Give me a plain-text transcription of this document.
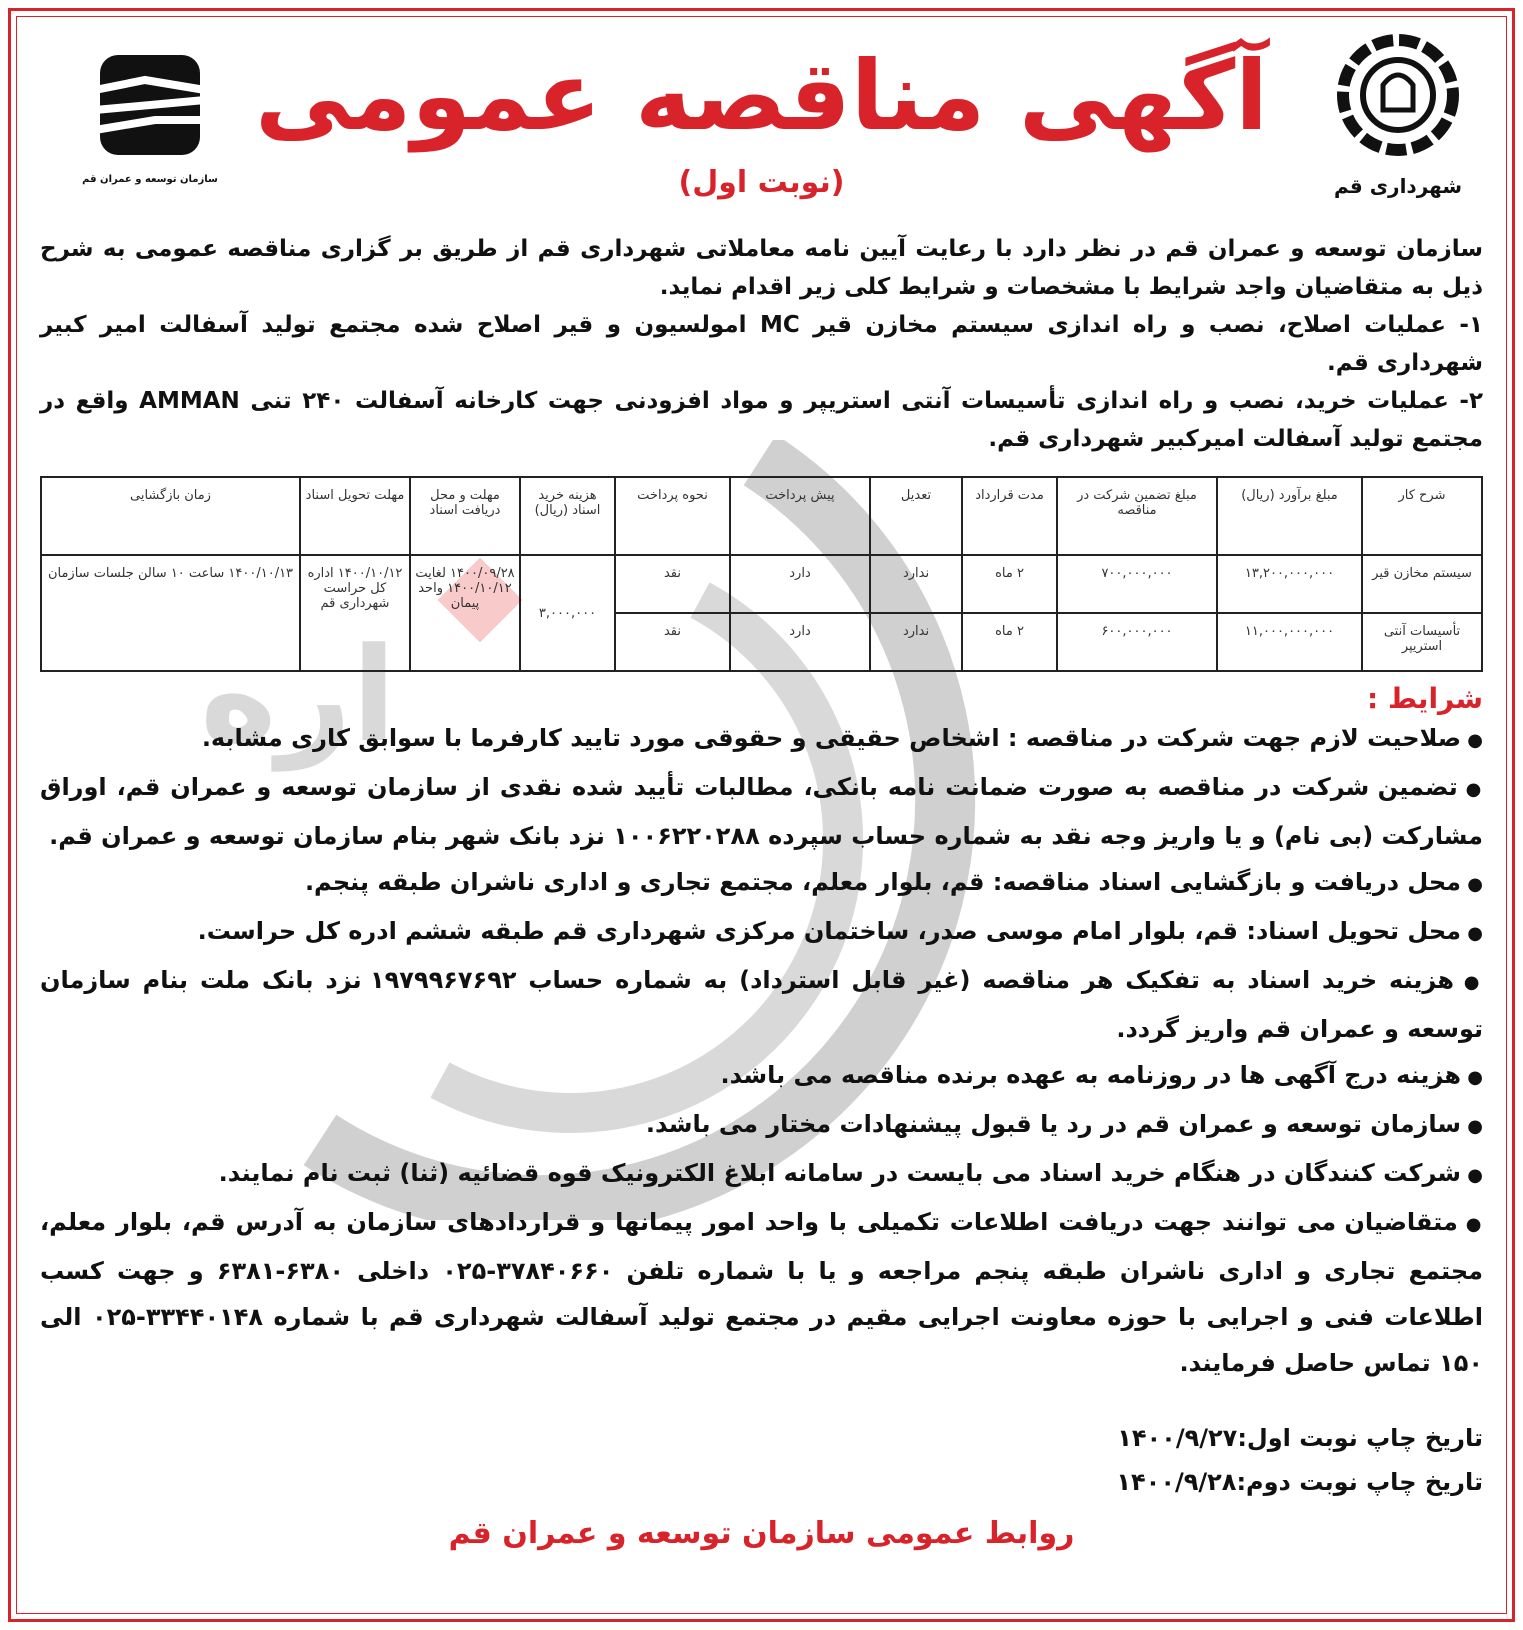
اره
سازمان توسعه و عمران قم
آگهی مناقصه عمومی
(نوبت اول)	شهرداری قم

سازمان توسعه و عمران قم در نظر دارد با رعایت آیین نامه معاملاتی شهرداری قم از طریق بر گزاری مناقصه عمومی به شرح ذیل به متقاضیان واجد شرایط با مشخصات و شرایط کلی زیر اقدام نماید.

۱- عملیات اصلاح، نصب و راه اندازی سیستم مخازن قیر MC امولسیون و قیر اصلاح شده مجتمع تولید آسفالت امیر کبیر شهرداری قم.

۲- عملیات خرید، نصب و راه اندازی تأسیسات آنتی استریپر و مواد افزودنی جهت کارخانه آسفالت ۲۴۰ تنی AMMAN واقع در مجتمع تولید آسفالت امیرکبیر شهرداری قم.

شرح کار	مبلغ برآورد (ریال)	مبلغ تضمین شرکت در مناقصه	مدت قرارداد	تعدیل	پیش پرداخت	نحوه پرداخت	هزینه خرید اسناد (ریال)	مهلت و محل دریافت اسناد	مهلت تحویل اسناد	زمان بازگشایی
سیستم مخازن قیر	۱۳,۲۰۰,۰۰۰,۰۰۰	۷۰۰,۰۰۰,۰۰۰	۲ ماه	ندارد	دارد	نقد	۳,۰۰۰,۰۰۰	۱۴۰۰/۰۹/۲۸ لغایت ۱۴۰۰/۱۰/۱۲ واحد پیمان	۱۴۰۰/۱۰/۱۲ اداره کل حراست شهرداری قم	۱۴۰۰/۱۰/۱۳ ساعت ۱۰ سالن جلسات سازمان
تأسیسات آنتی استریپر	۱۱,۰۰۰,۰۰۰,۰۰۰	۶۰۰,۰۰۰,۰۰۰	۲ ماه	ندارد	دارد	نقد				
شرایط :
● صلاحیت لازم جهت شرکت در مناقصه : اشخاص حقیقی و حقوقی مورد تایید کارفرما با سوابق کاری مشابه.
● تضمین شرکت در مناقصه به صورت ضمانت نامه بانکی، مطالبات تأیید شده نقدی از سازمان توسعه و عمران قم، اوراق مشارکت (بی نام) و یا واریز وجه نقد به شماره حساب سپرده ۱۰۰۶۲۲۰۲۸۸ نزد بانک شهر بنام سازمان توسعه و عمران قم.
● محل دریافت و بازگشایی اسناد مناقصه: قم، بلوار معلم، مجتمع تجاری و اداری ناشران طبقه پنجم.
● محل تحویل اسناد: قم، بلوار امام موسی صدر، ساختمان مرکزی شهرداری قم طبقه ششم ادره کل حراست.
● هزینه خرید اسناد به تفکیک هر مناقصه (غیر قابل استرداد) به شماره حساب ۱۹۷۹۹۶۷۶۹۲ نزد بانک ملت بنام سازمان توسعه و عمران قم واریز گردد.
● هزینه درج آگهی ها در روزنامه به عهده برنده مناقصه می باشد.
● سازمان توسعه و عمران قم در رد یا قبول پیشنهادات مختار می باشد.
● شرکت کنندگان در هنگام خرید اسناد می بایست در سامانه ابلاغ الکترونیک قوه قضائیه (ثنا) ثبت نام نمایند.
● متقاضیان می توانند جهت دریافت اطلاعات تکمیلی با واحد امور پیمانها و قراردادهای سازمان به آدرس قم، بلوار معلم، مجتمع تجاری و اداری ناشران طبقه پنجم مراجعه و یا با شماره تلفن ۳۷۸۴۰۶۶۰-۰۲۵ داخلی ۶۳۸۰-۶۳۸۱ و جهت کسب اطلاعات فنی و اجرایی با حوزه معاونت اجرایی مقیم در مجتمع تولید آسفالت شهرداری قم با شماره ۳۳۴۴۰۱۴۸-۰۲۵ الی ۱۵۰ تماس حاصل فرمایند.
تاریخ چاپ نوبت اول:۱۴۰۰/۹/۲۷
تاریخ چاپ نوبت دوم:۱۴۰۰/۹/۲۸
روابط عمومی سازمان توسعه و عمران قم
